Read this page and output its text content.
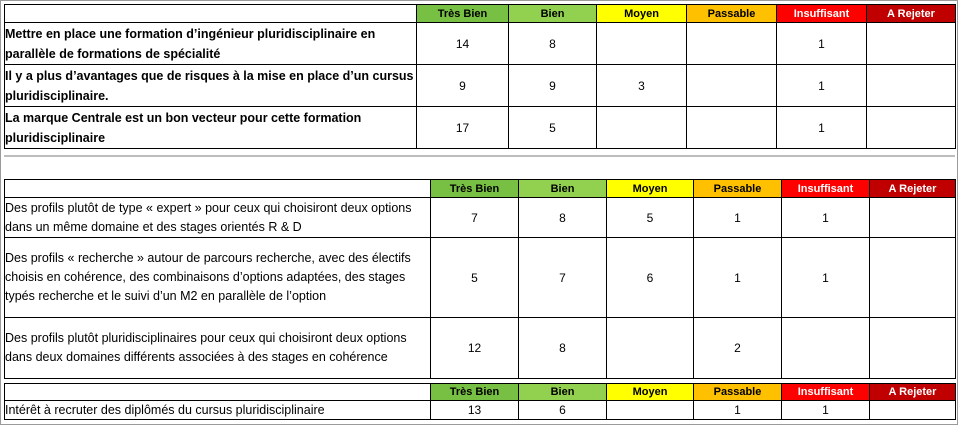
	Très Bien	Bien	Moyen	Passable	Insuffisant	A Rejeter
Mettre en place une formation d’ingénieur pluridisciplinaire en parallèle de formations de spécialité	14	8			1	
Il y a plus d’avantages que de risques à la mise en place d’un cursus pluridisciplinaire.	9	9	3		1	
La marque Centrale est un bon vecteur pour cette formation pluridisciplinaire	17	5			1	
	Très Bien	Bien	Moyen	Passable	Insuffisant	A Rejeter
Des profils plutôt de type « expert » pour ceux qui choisiront deux options dans un même domaine et des stages orientés R & D	7	8	5	1	1	
Des profils « recherche » autour de parcours recherche, avec des électifs choisis en cohérence, des combinaisons d’options adaptées, des stages typés recherche et le suivi d’un M2 en parallèle de l’option	5	7	6	1	1	
Des profils plutôt pluridisciplinaires pour ceux qui choisiront deux options dans deux domaines différents associées à des stages en cohérence	12	8		2		
	Très Bien	Bien	Moyen	Passable	Insuffisant	A Rejeter
Intérêt à recruter des diplômés du cursus pluridisciplinaire	13	6		1	1	
